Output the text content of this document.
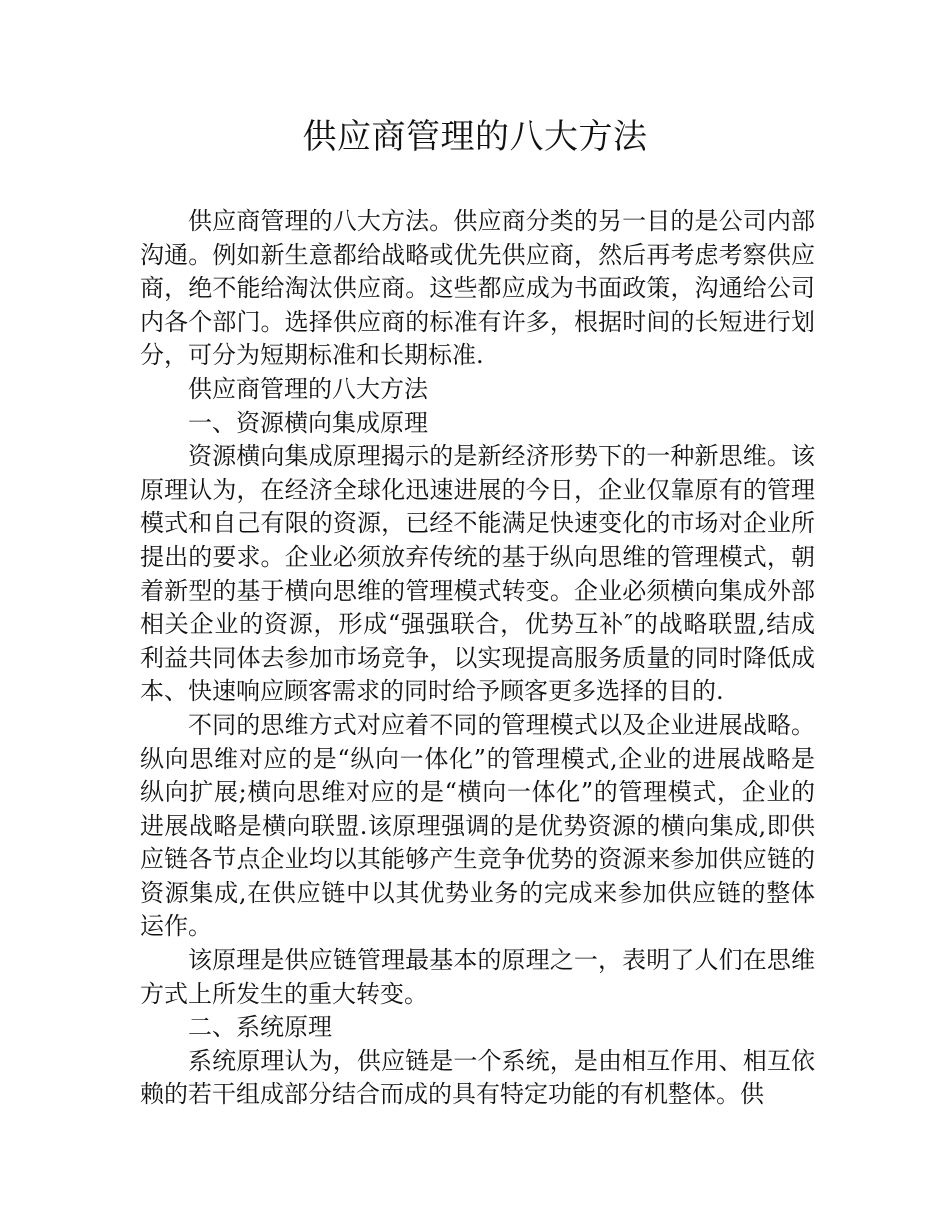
供应商管理的八大方法

供应商管理的八大方法。供应商分类的另一目的是公司内部沟通。例如新生意都给战略或优先供应商，然后再考虑考察供应商，绝不能给淘汰供应商。这些都应成为书面政策，沟通给公司内各个部门。选择供应商的标准有许多，根据时间的长短进行划分，可分为短期标准和长期标准.

供应商管理的八大方法

一、资源横向集成原理

资源横向集成原理揭示的是新经济形势下的一种新思维。该原理认为，在经济全球化迅速进展的今日，企业仅靠原有的管理模式和自己有限的资源，已经不能满足快速变化的市场对企业所提出的要求。企业必须放弃传统的基于纵向思维的管理模式，朝着新型的基于横向思维的管理模式转变。企业必须横向集成外部相关企业的资源，形成“强强联合，优势互补″的战略联盟,结成利益共同体去参加市场竞争，以实现提高服务质量的同时降低成本、快速响应顾客需求的同时给予顾客更多选择的目的.

不同的思维方式对应着不同的管理模式以及企业进展战略。纵向思维对应的是“纵向一体化”的管理模式,企业的进展战略是纵向扩展;横向思维对应的是“横向一体化”的管理模式，企业的进展战略是横向联盟.该原理强调的是优势资源的横向集成,即供应链各节点企业均以其能够产生竞争优势的资源来参加供应链的资源集成,在供应链中以其优势业务的完成来参加供应链的整体运作。

该原理是供应链管理最基本的原理之一，表明了人们在思维方式上所发生的重大转变。

二、系统原理

系统原理认为，供应链是一个系统，是由相互作用、相互依赖的若干组成部分结合而成的具有特定功能的有机整体。供
